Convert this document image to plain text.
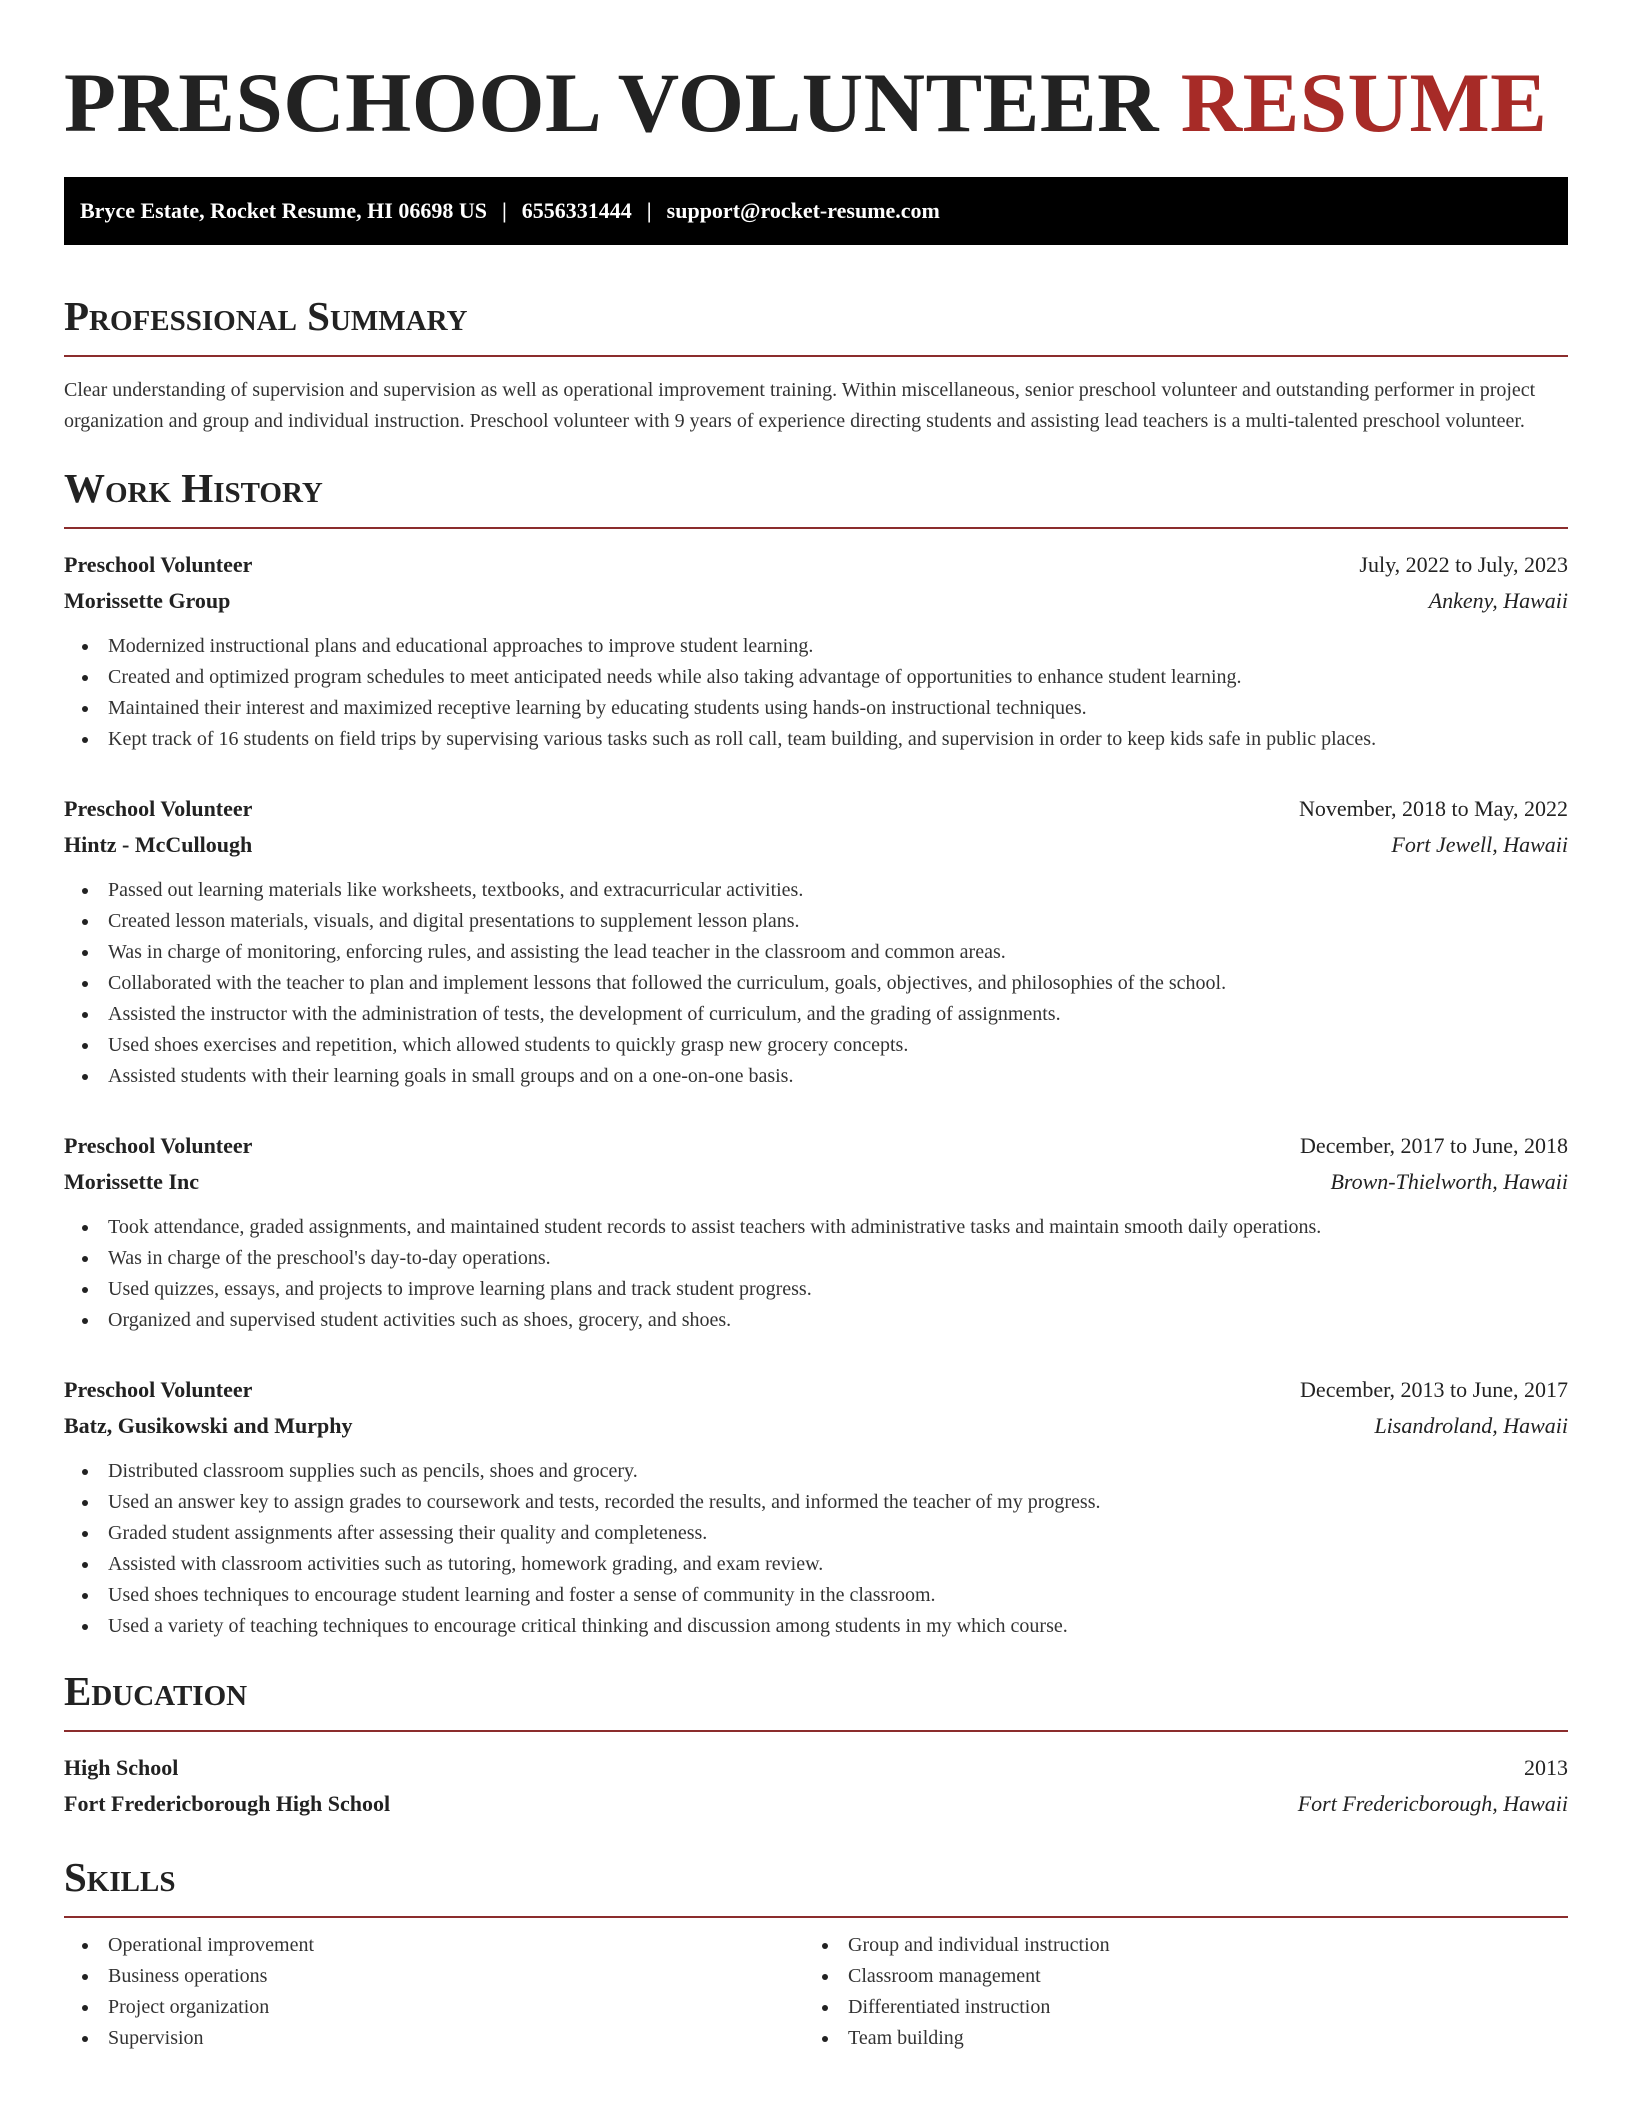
PRESCHOOL VOLUNTEER RESUME
Bryce Estate, Rocket Resume, HI 06698 US | 6556331444 | support@rocket-resume.com
Professional Summary

Clear understanding of supervision and supervision as well as operational improvement training. Within miscellaneous, senior preschool volunteer and outstanding performer in project organization and group and individual instruction. Preschool volunteer with 9 years of experience directing students and assisting lead teachers is a multi-talented preschool volunteer.

Work History
Preschool Volunteer	July, 2022 to July, 2023
Morissette Group	Ankeny, Hawaii
Modernized instructional plans and educational approaches to improve student learning.
Created and optimized program schedules to meet anticipated needs while also taking advantage of opportunities to enhance student learning.
Maintained their interest and maximized receptive learning by educating students using hands-on instructional techniques.
Kept track of 16 students on field trips by supervising various tasks such as roll call, team building, and supervision in order to keep kids safe in public places.
Preschool Volunteer	November, 2018 to May, 2022
Hintz - McCullough	Fort Jewell, Hawaii
Passed out learning materials like worksheets, textbooks, and extracurricular activities.
Created lesson materials, visuals, and digital presentations to supplement lesson plans.
Was in charge of monitoring, enforcing rules, and assisting the lead teacher in the classroom and common areas.
Collaborated with the teacher to plan and implement lessons that followed the curriculum, goals, objectives, and philosophies of the school.
Assisted the instructor with the administration of tests, the development of curriculum, and the grading of assignments.
Used shoes exercises and repetition, which allowed students to quickly grasp new grocery concepts.
Assisted students with their learning goals in small groups and on a one-on-one basis.
Preschool Volunteer	December, 2017 to June, 2018
Morissette Inc	Brown-Thielworth, Hawaii
Took attendance, graded assignments, and maintained student records to assist teachers with administrative tasks and maintain smooth daily operations.
Was in charge of the preschool's day-to-day operations.
Used quizzes, essays, and projects to improve learning plans and track student progress.
Organized and supervised student activities such as shoes, grocery, and shoes.
Preschool Volunteer	December, 2013 to June, 2017
Batz, Gusikowski and Murphy	Lisandroland, Hawaii
Distributed classroom supplies such as pencils, shoes and grocery.
Used an answer key to assign grades to coursework and tests, recorded the results, and informed the teacher of my progress.
Graded student assignments after assessing their quality and completeness.
Assisted with classroom activities such as tutoring, homework grading, and exam review.
Used shoes techniques to encourage student learning and foster a sense of community in the classroom.
Used a variety of teaching techniques to encourage critical thinking and discussion among students in my which course.
Education
High School	2013
Fort Fredericborough High School	Fort Fredericborough, Hawaii
Skills
Operational improvement
Business operations
Project organization
Supervision
Group and individual instruction
Classroom management
Differentiated instruction
Team building
